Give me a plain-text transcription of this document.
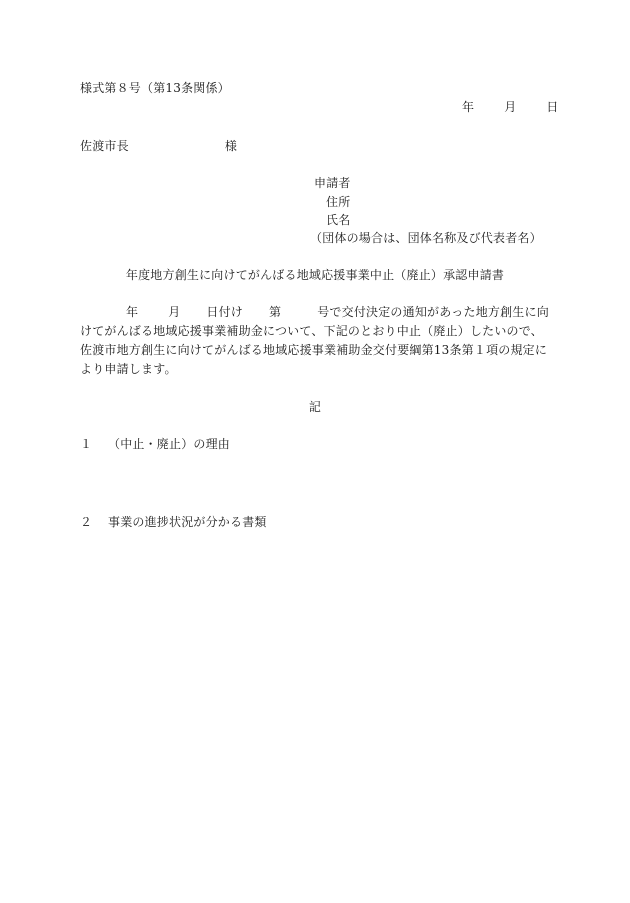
様式第８号（第13条関係）
年	月	日
佐渡市長	様
申請者
住所
氏名
（団体の場合は、団体名称及び代表者名）
年度地方創生に向けてがんばる地域応援事業中止（廃止）承認申請書
年	月 日付け 第	号で交付決定の通知があった地方創生に向
けてがんばる地域応援事業補助金について、下記のとおり中止（廃止）したいので、
佐渡市地方創生に向けてがんばる地域応援事業補助金交付要綱第13条第１項の規定に
より申請します。
記
１ （中止・廃止）の理由
２ 事業の進捗状況が分かる書類
